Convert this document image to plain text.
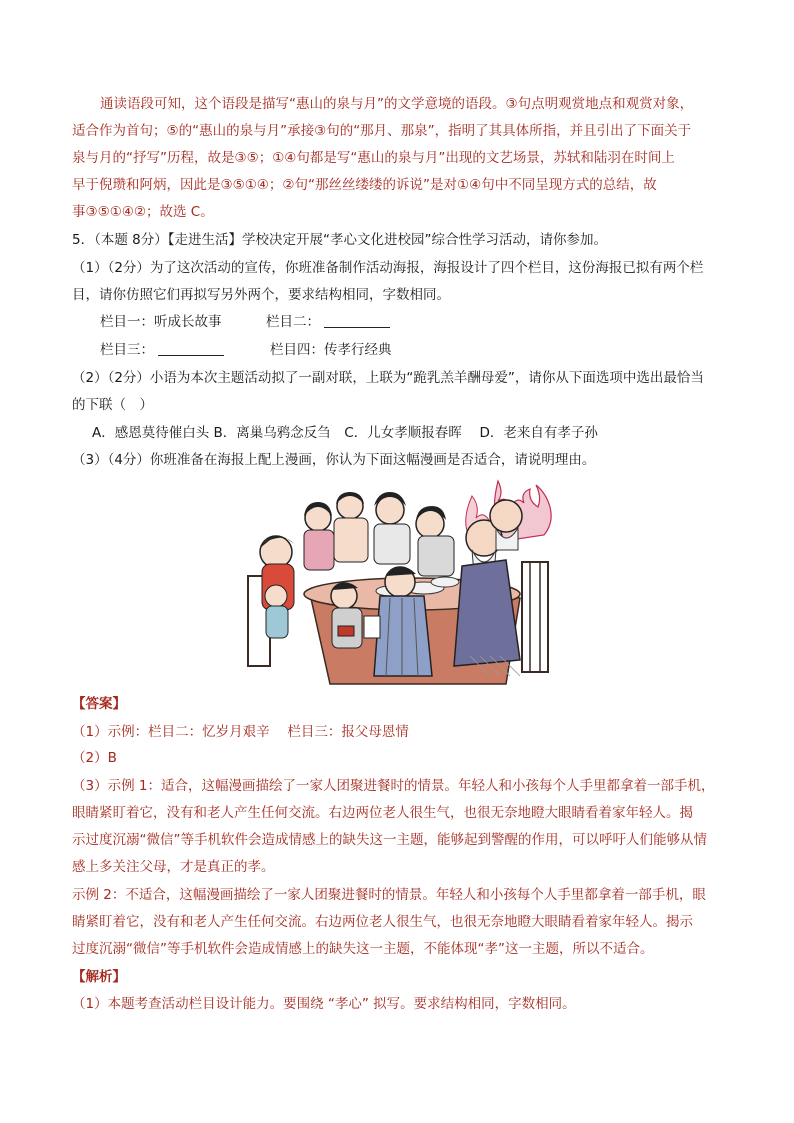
通读语段可知，这个语段是描写“惠山的泉与月”的文学意境的语段。③句点明观赏地点和观赏对象，
适合作为首句；⑤的“惠山的泉与月”承接③句的“那月、那泉”，指明了其具体所指，并且引出了下面关于
泉与月的“抒写”历程，故是③⑤；①④句都是写“惠山的泉与月”出现的文艺场景，苏轼和陆羽在时间上
早于倪瓒和阿炳，因此是③⑤①④；②句“那丝丝缕缕的诉说”是对①④句中不同呈现方式的总结，故
事③⑤①④②；故选 C。
5．（本题 8分）【走进生活】学校决定开展“孝心文化进校园”综合性学习活动，请你参加。
（1）（2分）为了这次活动的宣传，你班准备制作活动海报，海报设计了四个栏目，这份海报已拟有两个栏
目，请你仿照它们再拟写另外两个，要求结构相同，字数相同。
栏目一：听成长故事	栏目二：
栏目三：	栏目四：传孝行经典
（2）（2分）小语为本次主题活动拟了一副对联，上联为“跪乳羔羊酬母爱”，请你从下面选项中选出最恰当
的下联（　）
A．感恩莫待催白头 B．离巢乌鸦念反刍　C．儿女孝顺报春晖　 D．老来自有孝子孙
（3）（4分）你班准备在海报上配上漫画，你认为下面这幅漫画是否适合，请说明理由。
【答案】
（1）示例：栏目二：忆岁月艰辛　 栏目三：报父母恩情
（2）B
（3）示例 1：适合，这幅漫画描绘了一家人团聚进餐时的情景。年轻人和小孩每个人手里都拿着一部手机，
眼睛紧盯着它，没有和老人产生任何交流。右边两位老人很生气，也很无奈地瞪大眼睛看着家年轻人。揭
示过度沉溺“微信”等手机软件会造成情感上的缺失这一主题，能够起到警醒的作用，可以呼吁人们能够从情
感上多关注父母，才是真正的孝。
示例 2：不适合，这幅漫画描绘了一家人团聚进餐时的情景。年轻人和小孩每个人手里都拿着一部手机，眼
睛紧盯着它，没有和老人产生任何交流。右边两位老人很生气，也很无奈地瞪大眼睛看着家年轻人。揭示
过度沉溺“微信”等手机软件会造成情感上的缺失这一主题，不能体现“孝”这一主题，所以不适合。
【解析】
（1）本题考查活动栏目设计能力。要围绕 “孝心” 拟写。要求结构相同，字数相同。
